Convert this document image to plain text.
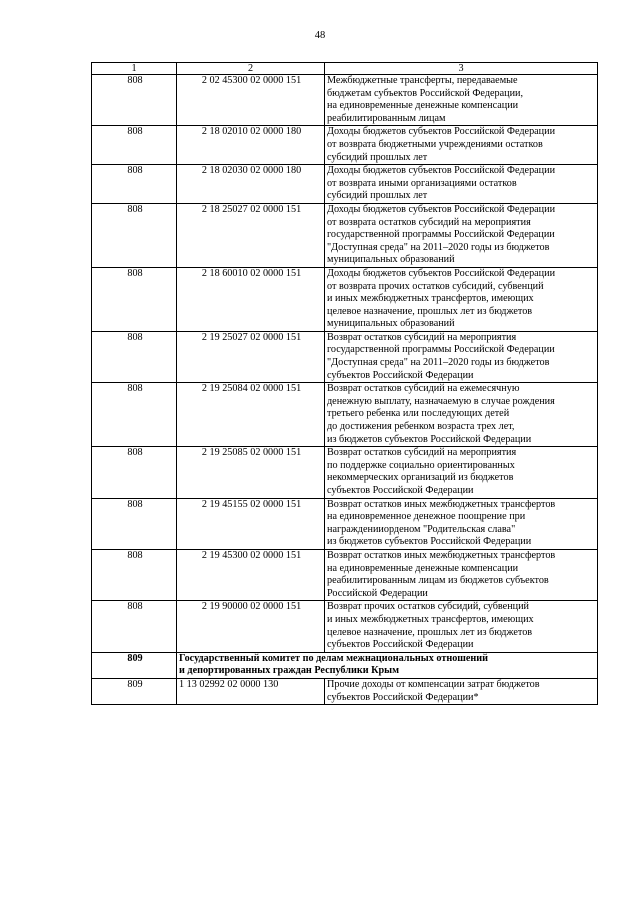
48
1	2	3
808	2 02 45300 02 0000 151	Межбюджетные трансферты, передаваемые
бюджетам субъектов Российской Федерации,
на единовременные денежные компенсации
реабилитированным лицам
808	2 18 02010 02 0000 180	Доходы бюджетов субъектов Российской Федерации
от возврата бюджетными учреждениями остатков
субсидий прошлых лет
808	2 18 02030 02 0000 180	Доходы бюджетов субъектов Российской Федерации
от возврата иными организациями остатков
субсидий прошлых лет
808	2 18 25027 02 0000 151	Доходы бюджетов субъектов Российской Федерации
от возврата остатков субсидий на мероприятия
государственной программы Российской Федерации
"Доступная среда" на 2011–2020 годы из бюджетов
муниципальных образований
808	2 18 60010 02 0000 151	Доходы бюджетов субъектов Российской Федерации
от возврата прочих остатков субсидий, субвенций
и иных межбюджетных трансфертов, имеющих
целевое назначение, прошлых лет из бюджетов
муниципальных образований
808	2 19 25027 02 0000 151	Возврат остатков субсидий на мероприятия
государственной программы Российской Федерации
"Доступная среда" на 2011–2020 годы из бюджетов
субъектов Российской Федерации
808	2 19 25084 02 0000 151	Возврат остатков субсидий на ежемесячную
денежную выплату, назначаемую в случае рождения
третьего ребенка или последующих детей
до достижения ребенком возраста трех лет,
из бюджетов субъектов Российской Федерации
808	2 19 25085 02 0000 151	Возврат остатков субсидий на мероприятия
по поддержке социально ориентированных
некоммерческих организаций из бюджетов
субъектов Российской Федерации
808	2 19 45155 02 0000 151	Возврат остатков иных межбюджетных трансфертов
на единовременное денежное поощрение при
награжденииорденом "Родительская слава"
из бюджетов субъектов Российской Федерации
808	2 19 45300 02 0000 151	Возврат остатков иных межбюджетных трансфертов
на единовременные денежные компенсации
реабилитированным лицам из бюджетов субъектов
Российской Федерации
808	2 19 90000 02 0000 151	Возврат прочих остатков субсидий, субвенций
и иных межбюджетных трансфертов, имеющих
целевое назначение, прошлых лет из бюджетов
субъектов Российской Федерации
809	Государственный комитет по делам межнациональных отношений
и депортированных граждан Республики Крым	
809	1 13 02992 02 0000 130	Прочие доходы от компенсации затрат бюджетов
субъектов Российской Федерации*
